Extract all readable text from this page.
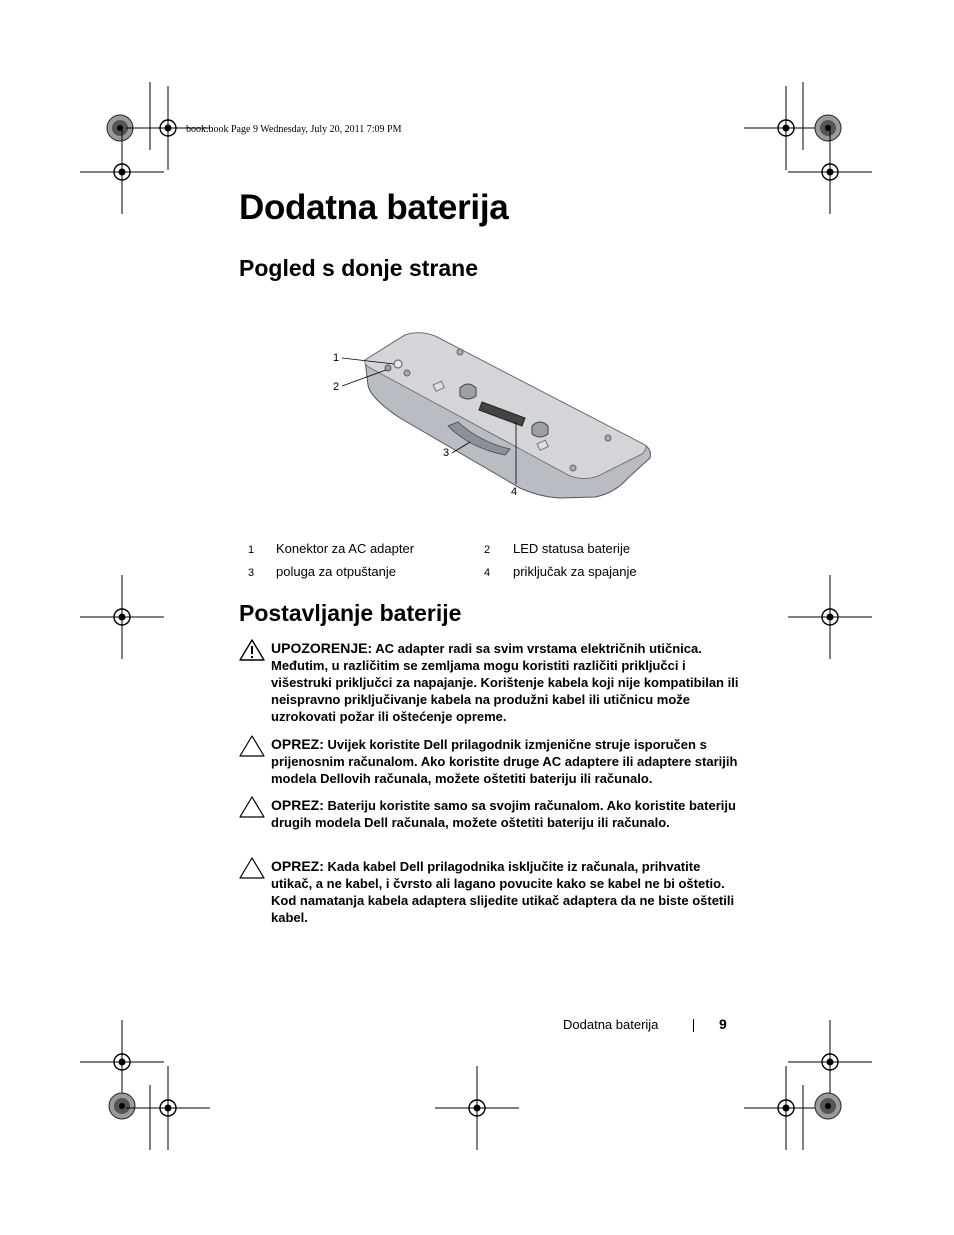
book.book Page 9 Wednesday, July 20, 2011 7:09 PM
Dodatna baterija
Pogled s donje strane
1
2
3
4
1 Konektor za AC adapter	2 LED statusa baterije
3 poluga za otpuštanje	4 priključak za spajanje
Postavljanje baterije
UPOZORENJE: AC adapter radi sa svim vrstama električnih utičnica. Međutim, u različitim se zemljama mogu koristiti različiti priključci i višestruki priključci za napajanje. Korištenje kabela koji nije kompatibilan ili neispravno priključivanje kabela na produžni kabel ili utičnicu može uzrokovati požar ili oštećenje opreme.
OPREZ: Uvijek koristite Dell prilagodnik izmjenične struje isporučen s prijenosnim računalom. Ako koristite druge AC adaptere ili adaptere starijih modela Dellovih računala, možete oštetiti bateriju ili računalo.
OPREZ: Bateriju koristite samo sa svojim računalom. Ako koristite bateriju drugih modela Dell računala, možete oštetiti bateriju ili računalo.
OPREZ: Kada kabel Dell prilagodnika isključite iz računala, prihvatite utikač, a ne kabel, i čvrsto ali lagano povucite kako se kabel ne bi oštetio. Kod namatanja kabela adaptera slijedite utikač adaptera da ne biste oštetili kabel.
Dodatna baterija	9
